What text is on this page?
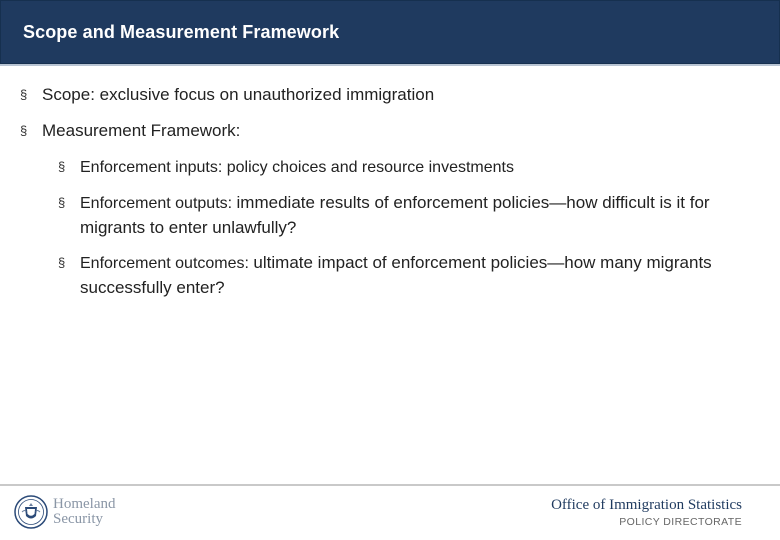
Scope and Measurement Framework
§ Scope: exclusive focus on unauthorized immigration
§ Measurement Framework:
§ Enforcement inputs: policy choices and resource investments
§ Enforcement outputs: immediate results of enforcement policies—how difficult is it for migrants to enter unlawfully?
§ Enforcement outcomes: ultimate impact of enforcement policies—how many migrants successfully enter?
Homeland
Security
Office of Immigration Statistics
POLICY DIRECTORATE
